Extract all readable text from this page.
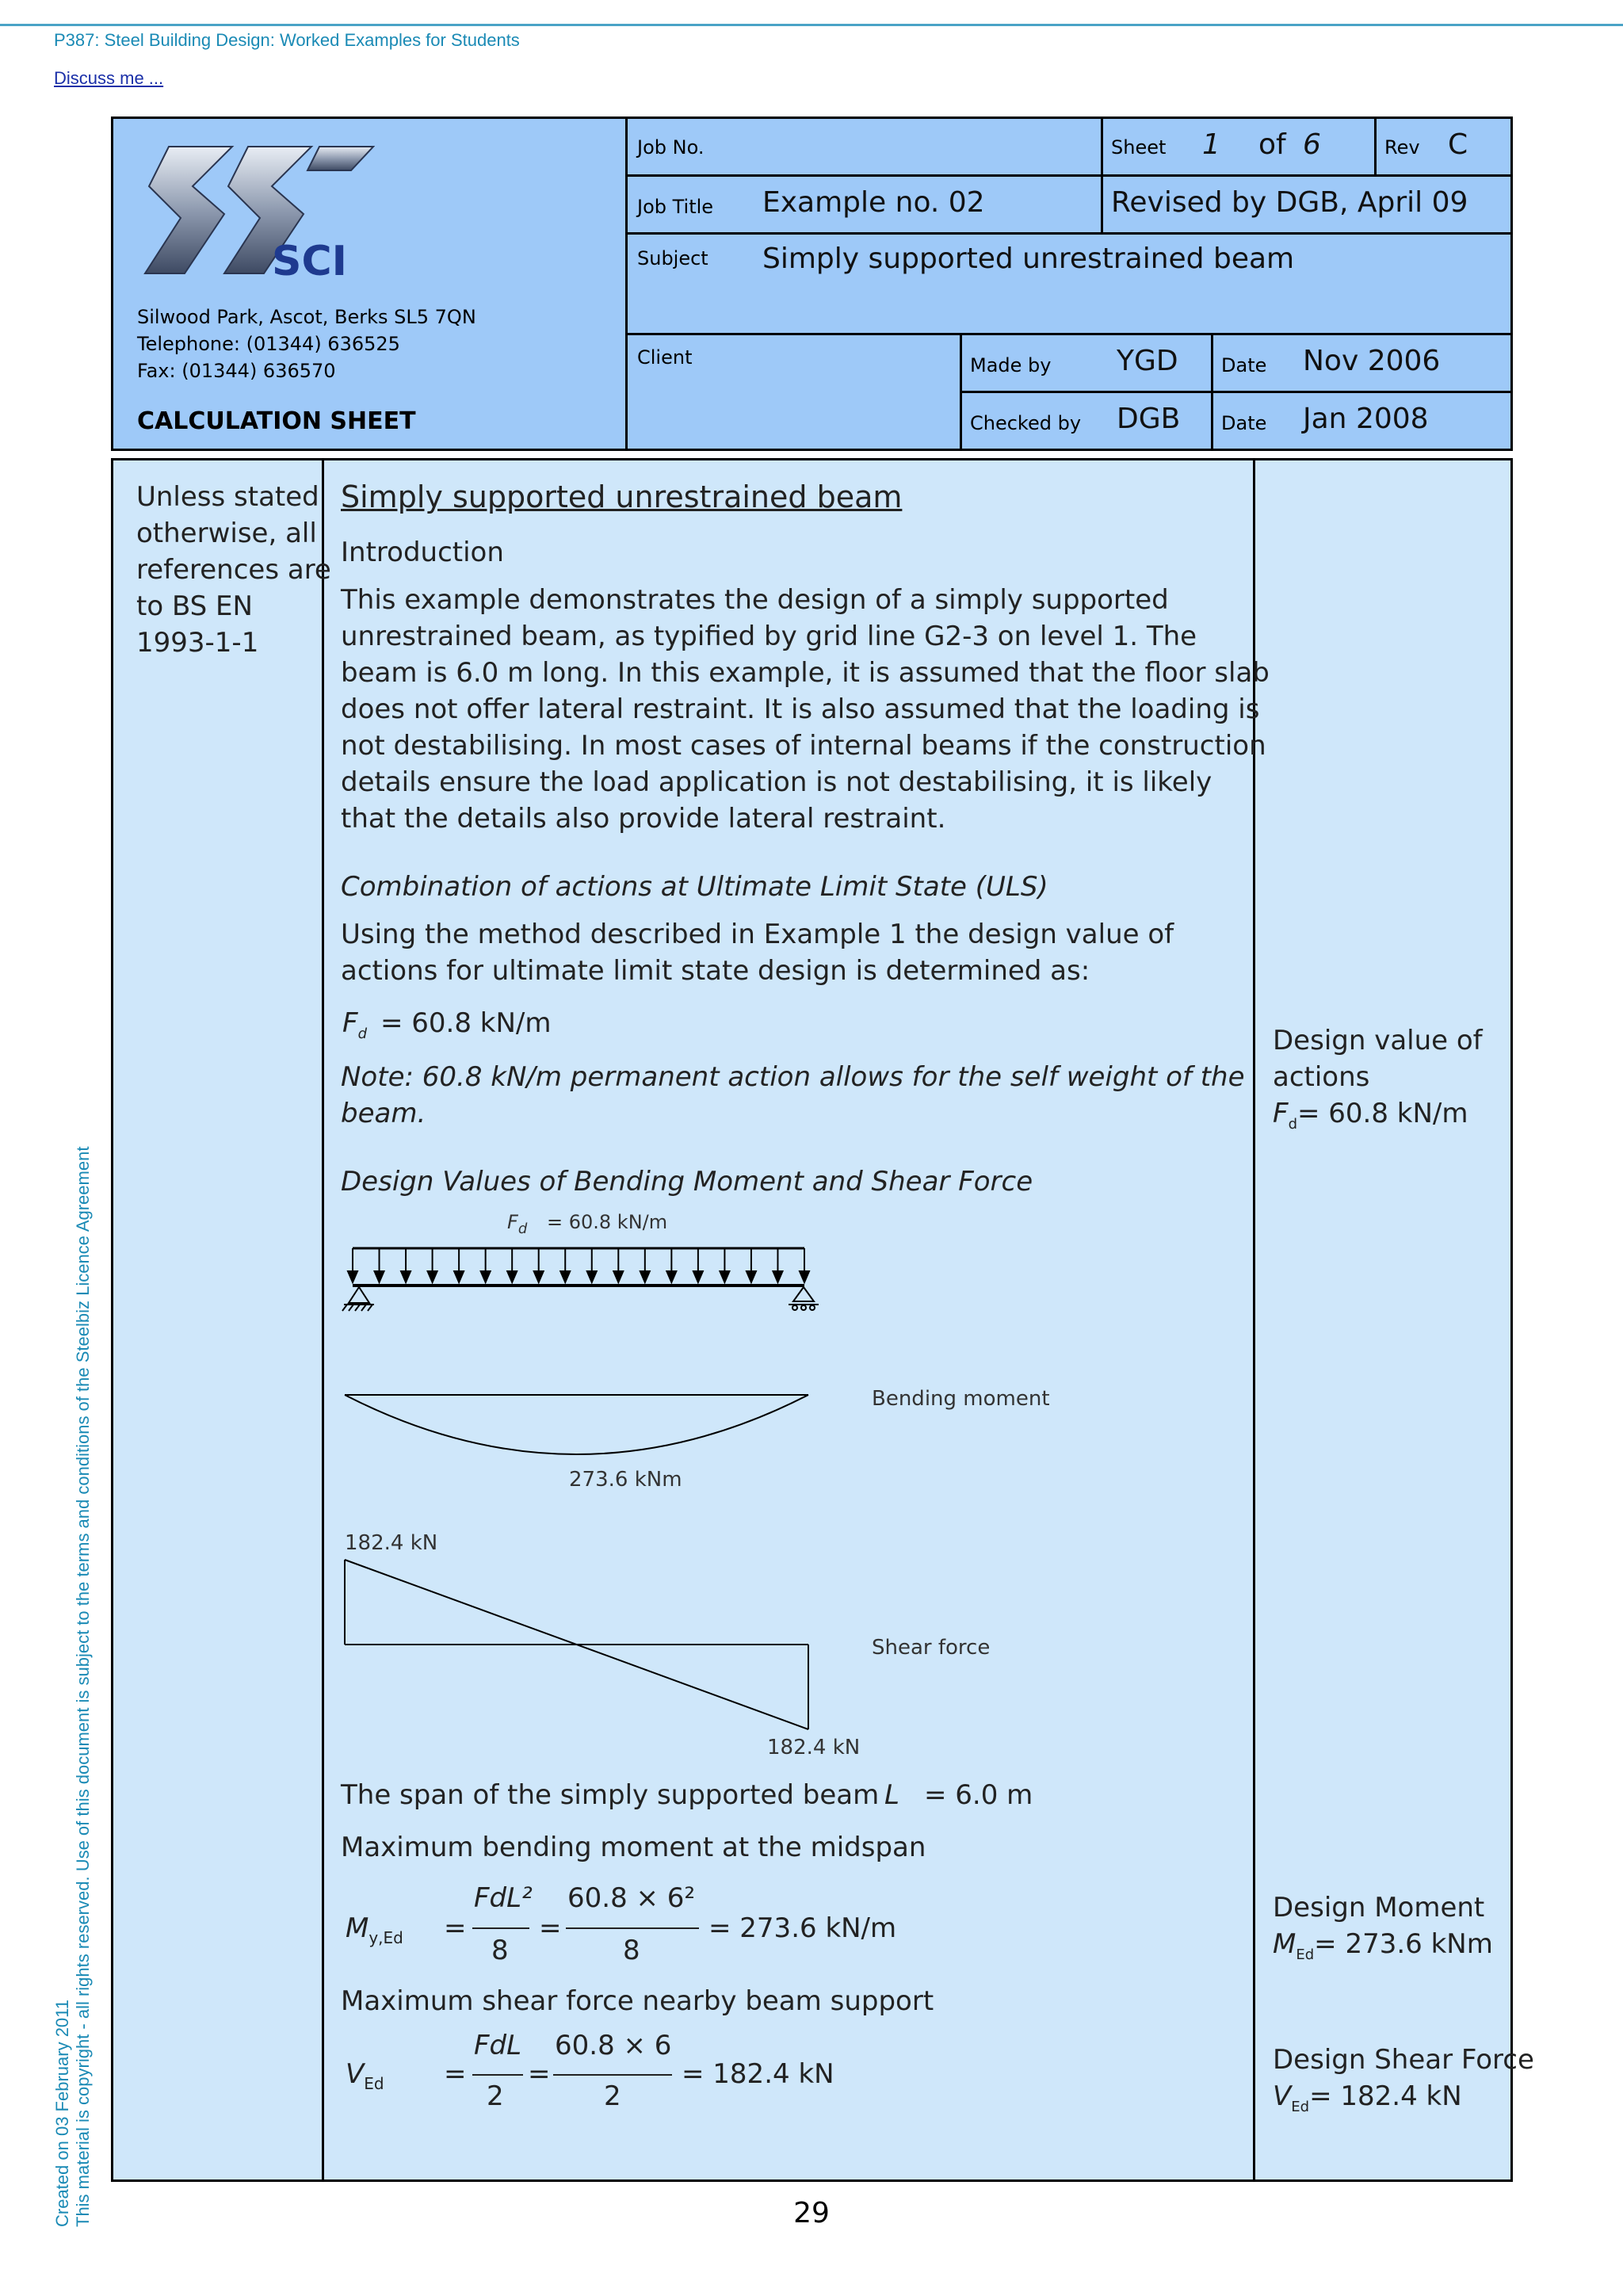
P387: Steel Building Design: Worked Examples for Students
Discuss me ...
Created on 03 February 2011 This material is copyright - all rights reserved. Use of this document is subject to the terms and conditions of the Steelbiz Licence Agreement
SCI
Silwood Park, Ascot, Berks SL5 7QN
Telephone: (01344) 636525
Fax: (01344) 636570
CALCULATION SHEET
Job No.	Sheet 1 of 6	Rev C
Job Title Example no. 02	Revised by DGB, April 09
Subject Simply supported unrestrained beam
Client	Made by YGD Date Nov 2006
Checked by DGB Date Jan 2008
Unless stated
otherwise, all
references are
to BS EN
1993-1-1
Simply supported unrestrained beam
Introduction
This example demonstrates the design of a simply supported
unrestrained beam, as typified by grid line G2-3 on level 1. The
beam is 6.0 m long. In this example, it is assumed that the floor slab
does not offer lateral restraint. It is also assumed that the loading is
not destabilising. In most cases of internal beams if the construction
details ensure the load application is not destabilising, it is likely
that the details also provide lateral restraint.
Combination of actions at Ultimate Limit State (ULS)
Using the method described in Example 1 the design value of
actions for ultimate limit state design is determined as:
$F_d = 60.8$ kN/m
Note: 60.8 kN/m permanent action allows for the self weight of the
beam.
Design Values of Bending Moment and Shear Force
$F_d = 60.8$ kN/m
Bending moment
273.6 kNm
182.4 kN
Shear force
182.4 kN
The span of the simply supported beam L = 6.0 m
Maximum bending moment at the midspan
$M_{y,Ed}$ =
FdL²
8
=
60.8 × 6²
8
= 273.6 kN/m
Maximum shear force nearby beam support
$V_{Ed}$ =
FdL
2
=
60.8 × 6
2
= 182.4 kN
Design value of
actions
$F_d= 60.8$ kN/m
Design Moment
$M_{Ed}= 273.6$ kNm
Design Shear Force
$V_{Ed}= 182.4$ kN
29
